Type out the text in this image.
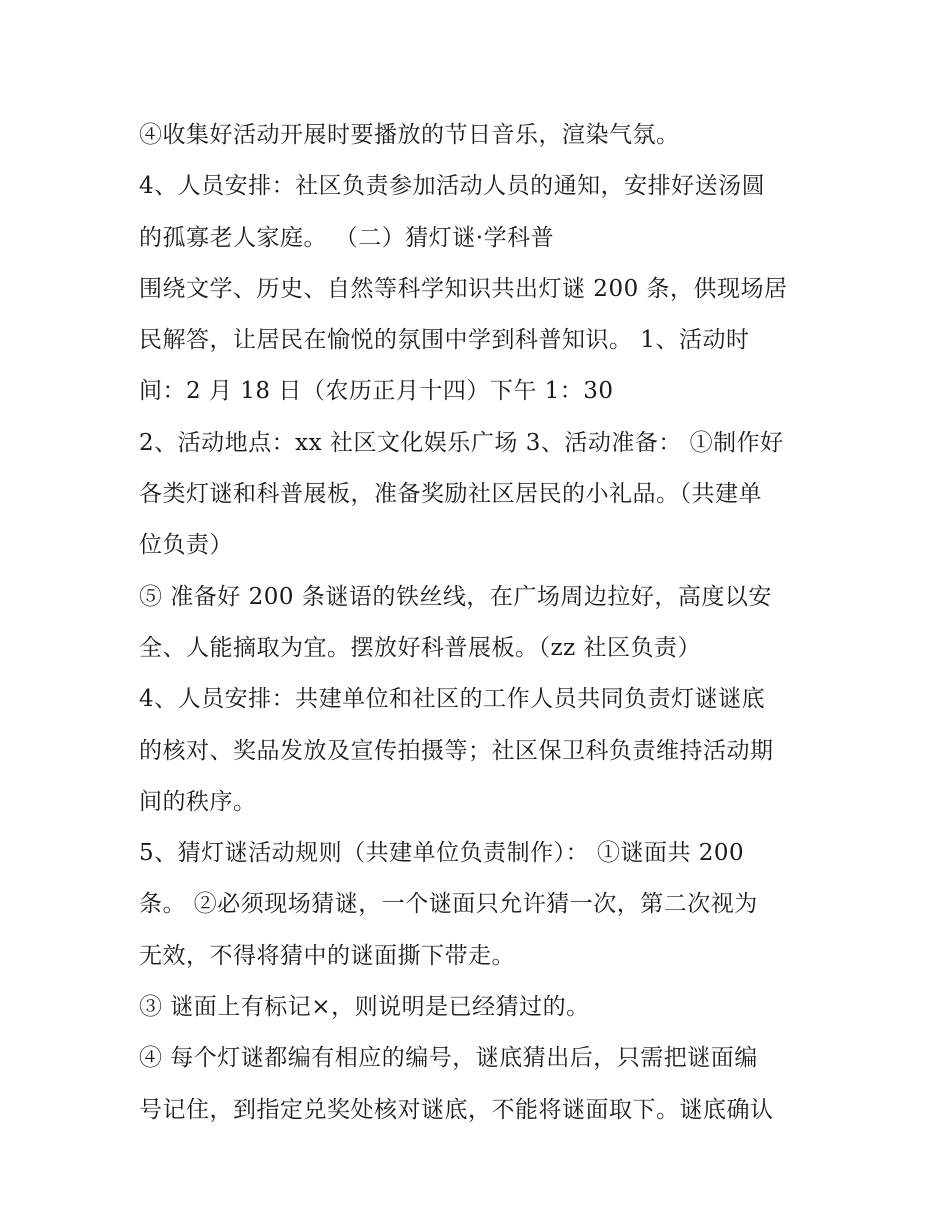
④收集好活动开展时要播放的节日音乐，渲染气氛。
4、人员安排：社区负责参加活动人员的通知，安排好送汤圆
的孤寡老人家庭。 （二）猜灯谜·学科普
围绕文学、历史、自然等科学知识共出灯谜 200 条，供现场居
民解答，让居民在愉悦的氛围中学到科普知识。 1、活动时
间：2 月 18 日（农历正月十四）下午 1：30
2、活动地点：xx 社区文化娱乐广场 3、活动准备： ①制作好
各类灯谜和科普展板，准备奖励社区居民的小礼品。（共建单
位负责）
⑤ 准备好 200 条谜语的铁丝线，在广场周边拉好，高度以安
全、人能摘取为宜。摆放好科普展板。（zz 社区负责）
4、人员安排：共建单位和社区的工作人员共同负责灯谜谜底
的核对、奖品发放及宣传拍摄等；社区保卫科负责维持活动期
间的秩序。
5、猜灯谜活动规则（共建单位负责制作）： ①谜面共 200
条。 ②必须现场猜谜，一个谜面只允许猜一次，第二次视为
无效，不得将猜中的谜面撕下带走。
③ 谜面上有标记×，则说明是已经猜过的。
④ 每个灯谜都编有相应的编号，谜底猜出后，只需把谜面编
号记住，到指定兑奖处核对谜底，不能将谜面取下。谜底确认
